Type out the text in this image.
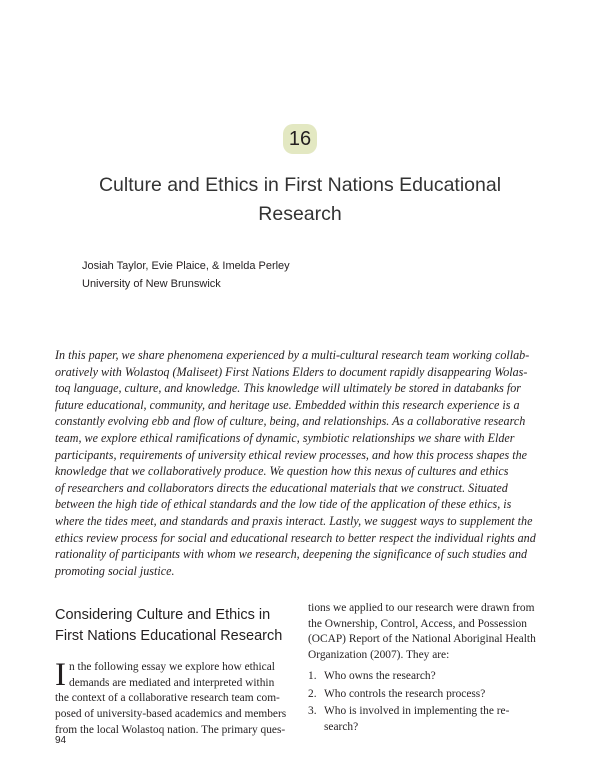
16
Culture and Ethics in First Nations Educational
Research
Josiah Taylor, Evie Plaice, & Imelda Perley
University of New Brunswick
In this paper, we share phenomena experienced by a multi-cultural research team working collab-
oratively with Wolastoq (Maliseet) First Nations Elders to document rapidly disappearing Wolas-
toq language, culture, and knowledge. This knowledge will ultimately be stored in databanks for
future educational, community, and heritage use. Embedded within this research experience is a
constantly evolving ebb and flow of culture, being, and relationships. As a collaborative research
team, we explore ethical ramifications of dynamic, symbiotic relationships we share with Elder
participants, requirements of university ethical review processes, and how this process shapes the
knowledge that we collaboratively produce. We question how this nexus of cultures and ethics
of researchers and collaborators directs the educational materials that we construct. Situated
between the high tide of ethical standards and the low tide of the application of these ethics, is
where the tides meet, and standards and praxis interact. Lastly, we suggest ways to supplement the
ethics review process for social and educational research to better respect the individual rights and
rationality of participants with whom we research, deepening the significance of such studies and
promoting social justice.
Considering Culture and Ethics in
First Nations Educational Research
I n the following essay we explore how ethical
demands are mediated and interpreted within
the context of a collaborative research team com-
posed of university-based academics and members
from the local Wolastoq nation. The primary ques-
tions we applied to our research were drawn from
the Ownership, Control, Access, and Possession
(OCAP) Report of the National Aboriginal Health
Organization (2007). They are:
1. Who owns the research?
2. Who controls the research process?
3. Who is involved in implementing the re-
search?
94
